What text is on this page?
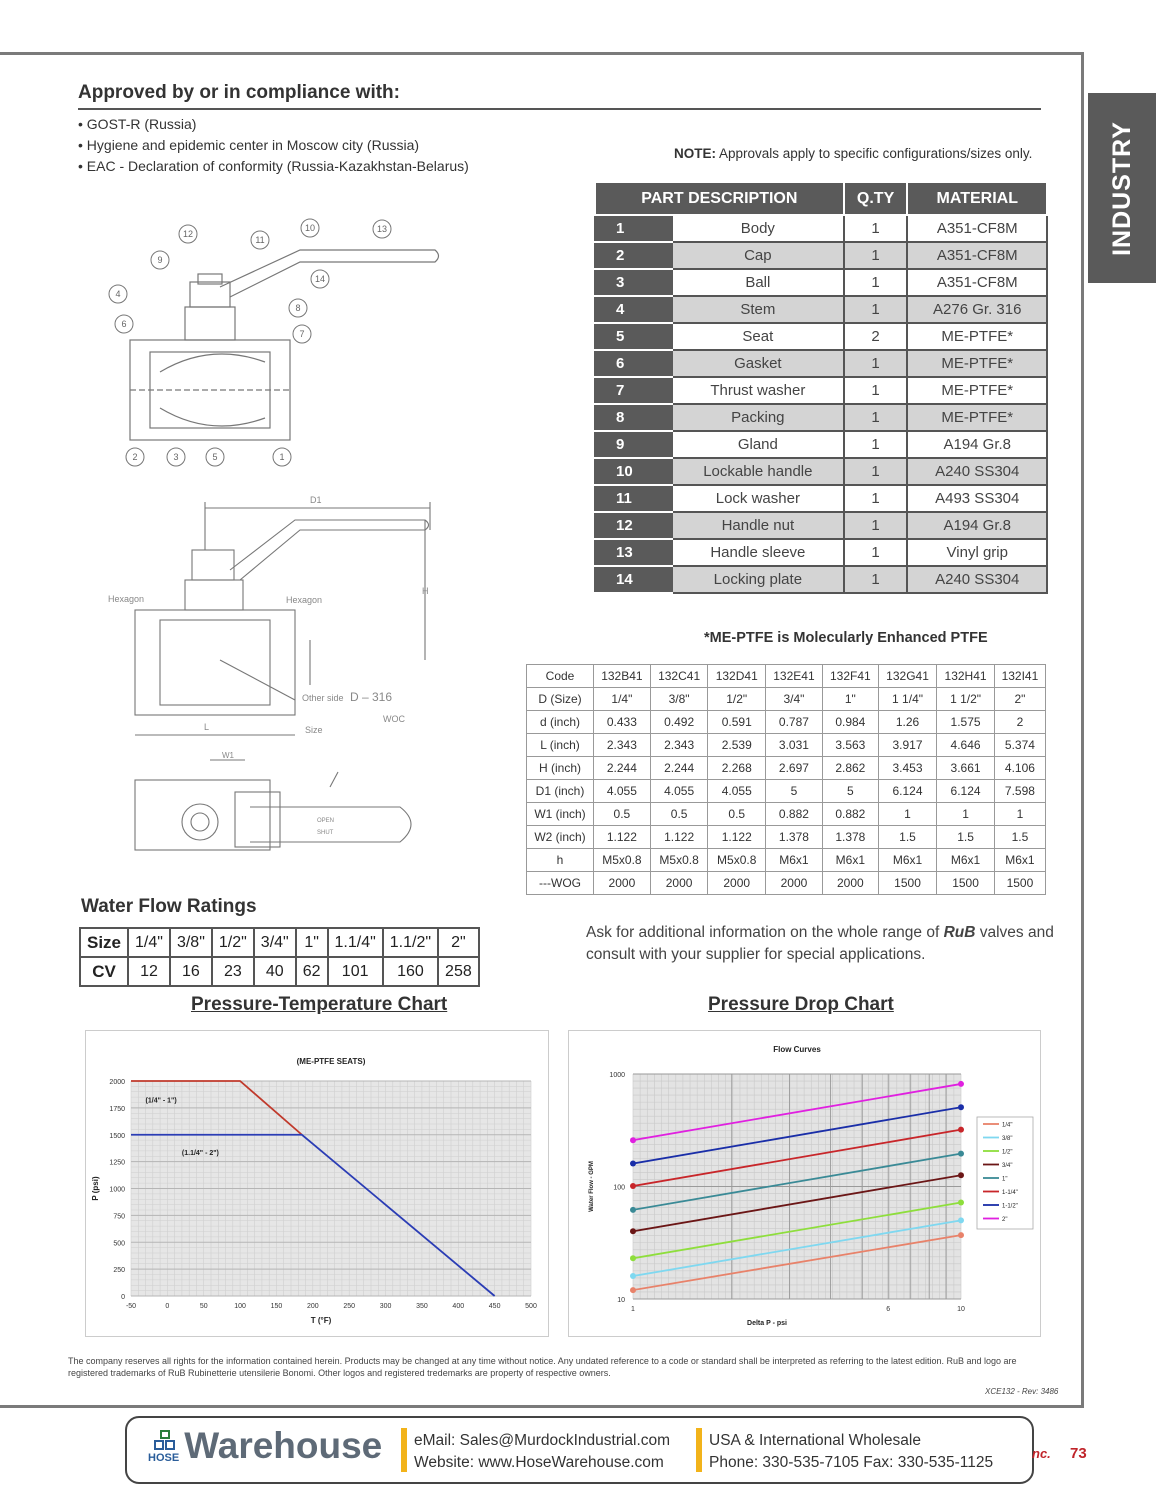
INDUSTRY
Approved by or in compliance with:
• GOST-R (Russia)
• Hygiene and epidemic center in Moscow city (Russia)
• EAC - Declaration of conformity (Russia-Kazakhstan-Belarus)
NOTE: Approvals apply to specific configurations/sizes only.
12
11
10	13
9
14
4
6
8
7
2	3	5	1
D1
H
L
Hexagon	Hexagon
Other side D – 316
WOC
Size
W1
OPEN
SHUT
PART DESCRIPTION		Q.TY	MATERIAL
1	Body	1	A351-CF8M
2	Cap	1	A351-CF8M
3	Ball	1	A351-CF8M
4	Stem	1	A276 Gr. 316
5	Seat	2	ME-PTFE*
6	Gasket	1	ME-PTFE*
7	Thrust washer	1	ME-PTFE*
8	Packing	1	ME-PTFE*
9	Gland	1	A194 Gr.8
10	Lockable handle	1	A240 SS304
11	Lock washer	1	A493 SS304
12	Handle nut	1	A194 Gr.8
13	Handle sleeve	1	Vinyl grip
14	Locking plate	1	A240 SS304
*ME-PTFE is Molecularly Enhanced PTFE
Code	132B41	132C41	132D41	132E41	132F41	132G41	132H41	132I41
D (Size)	1/4"	3/8"	1/2"	3/4"	1"	1 1/4"	1 1/2"	2"
d (inch)	0.433	0.492	0.591	0.787	0.984	1.26	1.575	2
L (inch)	2.343	2.343	2.539	3.031	3.563	3.917	4.646	5.374
H (inch)	2.244	2.244	2.268	2.697	2.862	3.453	3.661	4.106
D1 (inch)	4.055	4.055	4.055	5	5	6.124	6.124	7.598
W1 (inch)	0.5	0.5	0.5	0.882	0.882	1	1	1
W2 (inch)	1.122	1.122	1.122	1.378	1.378	1.5	1.5	1.5
h	M5x0.8	M5x0.8	M5x0.8	M6x1	M6x1	M6x1	M6x1	M6x1
---WOG	2000	2000	2000	2000	2000	1500	1500	1500
Water Flow Ratings
Size	1/4"	3/8"	1/2"	3/4"	1"	1.1/4"	1.1/2"	2"
CV	12	16	23	40	62	101	160	258
Ask for additional information on the whole range of RuB valves and consult with your supplier for special applications.
Pressure-Temperature Chart	Pressure Drop Chart
0
250
500
750
1000
1250
1500
1750
2000
-50	0	50	100	150	200	250	300	350	400	450	500
(ME-PTFE SEATS)
T (°F)
P (psi)
(1/4" - 1")
(1.1/4" - 2")
10
100
1000
1	6	10
Flow Curves
Delta P - psi
Water Flow - GPM
1/4"
3/8"
1/2"
3/4"
1"
1-1/4"
1-1/2"
2"
The company reserves all rights for the information contained herein. Products may be changed at any time without notice. Any undated reference to a code or standard shall be interpreted as referring to the latest edition. RuB and logo are registered trademarks of RuB Rubinetterie utensilerie Bonomi. Other logos and registered tredemarks are property of respective owners.
XCE132 - Rev: 3486
HOSE Warehouse eMail: Sales@MurdockIndustrial.com
Website: www.HoseWarehouse.com
USA & International Wholesale
Phone: 330-535-7105 Fax: 330-535-1125
nc. 73
